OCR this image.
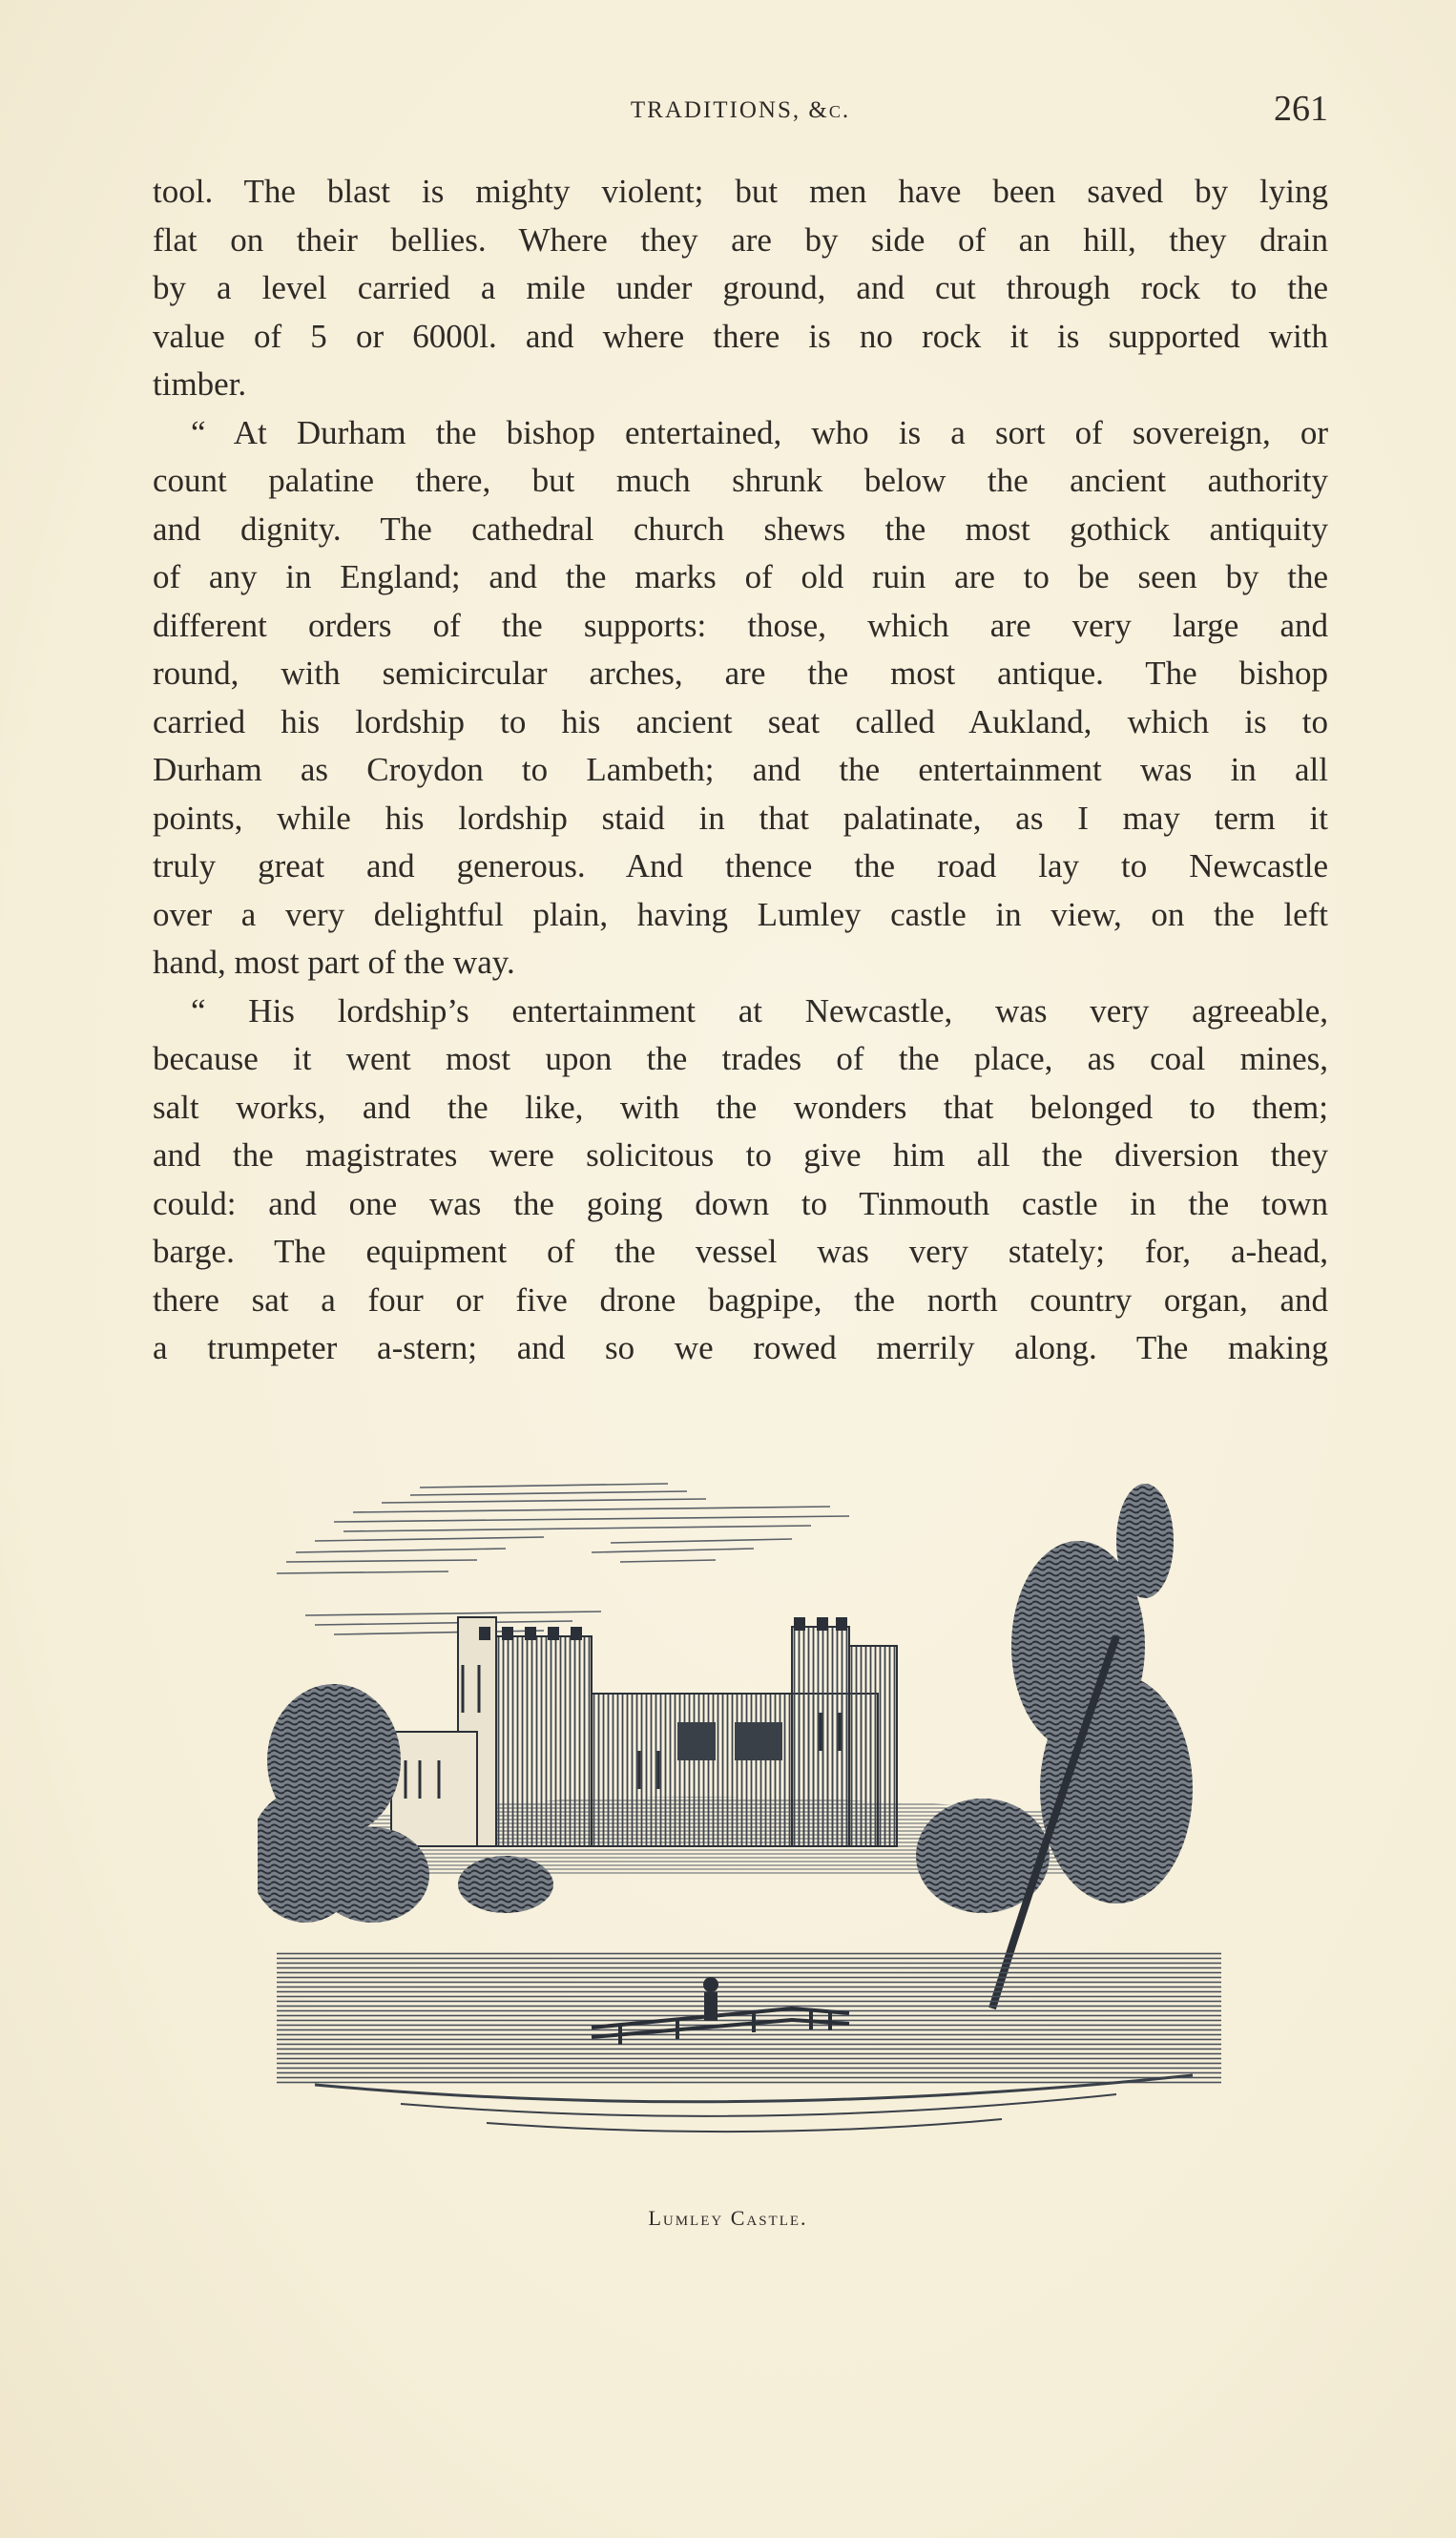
TRADITIONS, &c.	261

tool. The blast is mighty violent; but men have been saved by lying

flat on their bellies. Where they are by side of an hill, they drain

by a level carried a mile under ground, and cut through rock to the

value of 5 or 6000l. and where there is no rock it is supported with

timber.

“ At Durham the bishop entertained, who is a sort of sovereign, or

count palatine there, but much shrunk below the ancient authority

and dignity. The cathedral church shews the most gothick antiquity

of any in England; and the marks of old ruin are to be seen by the

different orders of the supports: those, which are very large and

round, with semicircular arches, are the most antique. The bishop

carried his lordship to his ancient seat called Aukland, which is to

Durham as Croydon to Lambeth; and the entertainment was in all

points, while his lordship staid in that palatinate, as I may term it

truly great and generous. And thence the road lay to Newcastle

over a very delightful plain, having Lumley castle in view, on the left

hand, most part of the way.

“ His lordship’s entertainment at Newcastle, was very agreeable,

because it went most upon the trades of the place, as coal mines,

salt works, and the like, with the wonders that belonged to them;

and the magistrates were solicitous to give him all the diversion they

could: and one was the going down to Tinmouth castle in the town

barge. The equipment of the vessel was very stately; for, a-head,

there sat a four or five drone bagpipe, the north country organ, and

a trumpeter a-stern; and so we rowed merrily along. The making

Lumley Castle.
